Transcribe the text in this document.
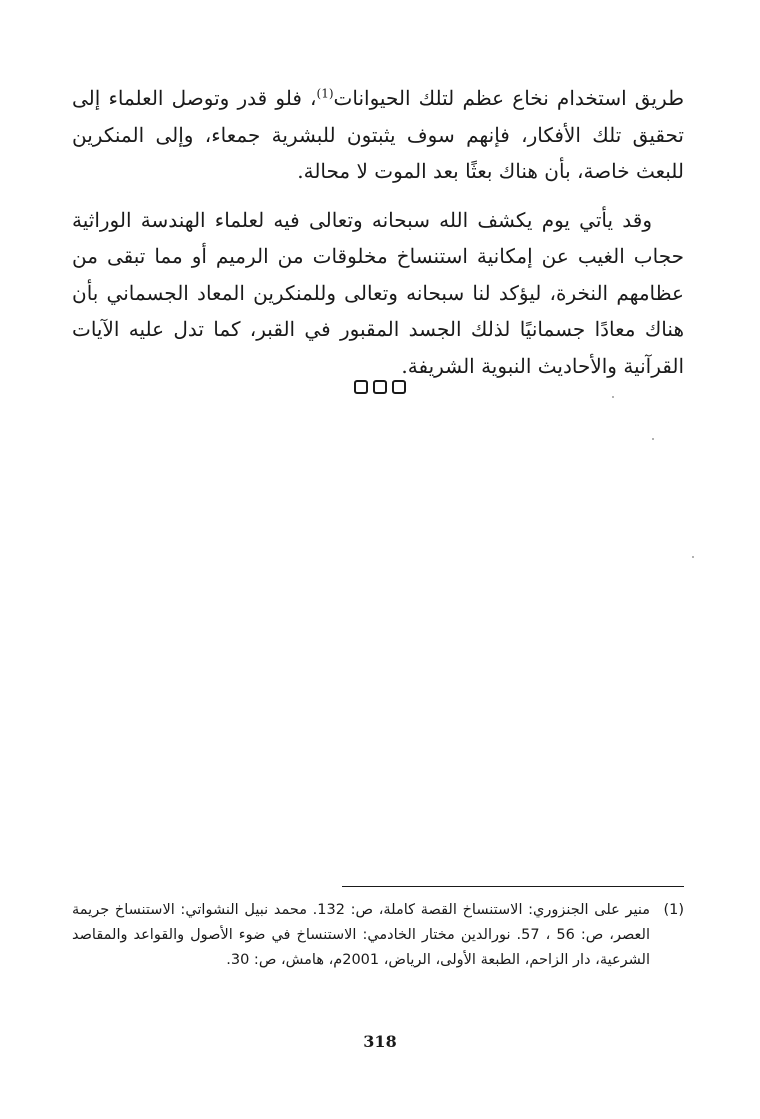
طريق استخدام نخاع عظم لتلك الحيوانات$^{(1)}$، فلو قدر وتوصل العلماء إلى تحقيق تلك الأفكار، فإنهم سوف يثبتون للبشرية جمعاء، وإلى المنكرين للبعث خاصة، بأن هناك بعثًا بعد الموت لا محالة.

وقد يأتي يوم يكشف الله سبحانه وتعالى فيه لعلماء الهندسة الوراثية حجاب الغيب عن إمكانية استنساخ مخلوقات من الرميم أو مما تبقى من عظامهم النخرة، ليؤكد لنا سبحانه وتعالى وللمنكرين المعاد الجسماني بأن هناك معادًا جسمانيًا لذلك الجسد المقبور في القبر، كما تدل عليه الآيات القرآنية والأحاديث النبوية الشريفة.

(1)
منير على الجنزوري: الاستنساخ القصة كاملة، ص: 132. محمد نبيل النشواتي: الاستنساخ جريمة العصر، ص: 56 ، 57. نورالدين مختار الخادمي: الاستنساخ في ضوء الأصول والقواعد والمقاصد الشرعية، دار الزاحم، الطبعة الأولى، الرياض، 2001م، هامش، ص: 30.
318
